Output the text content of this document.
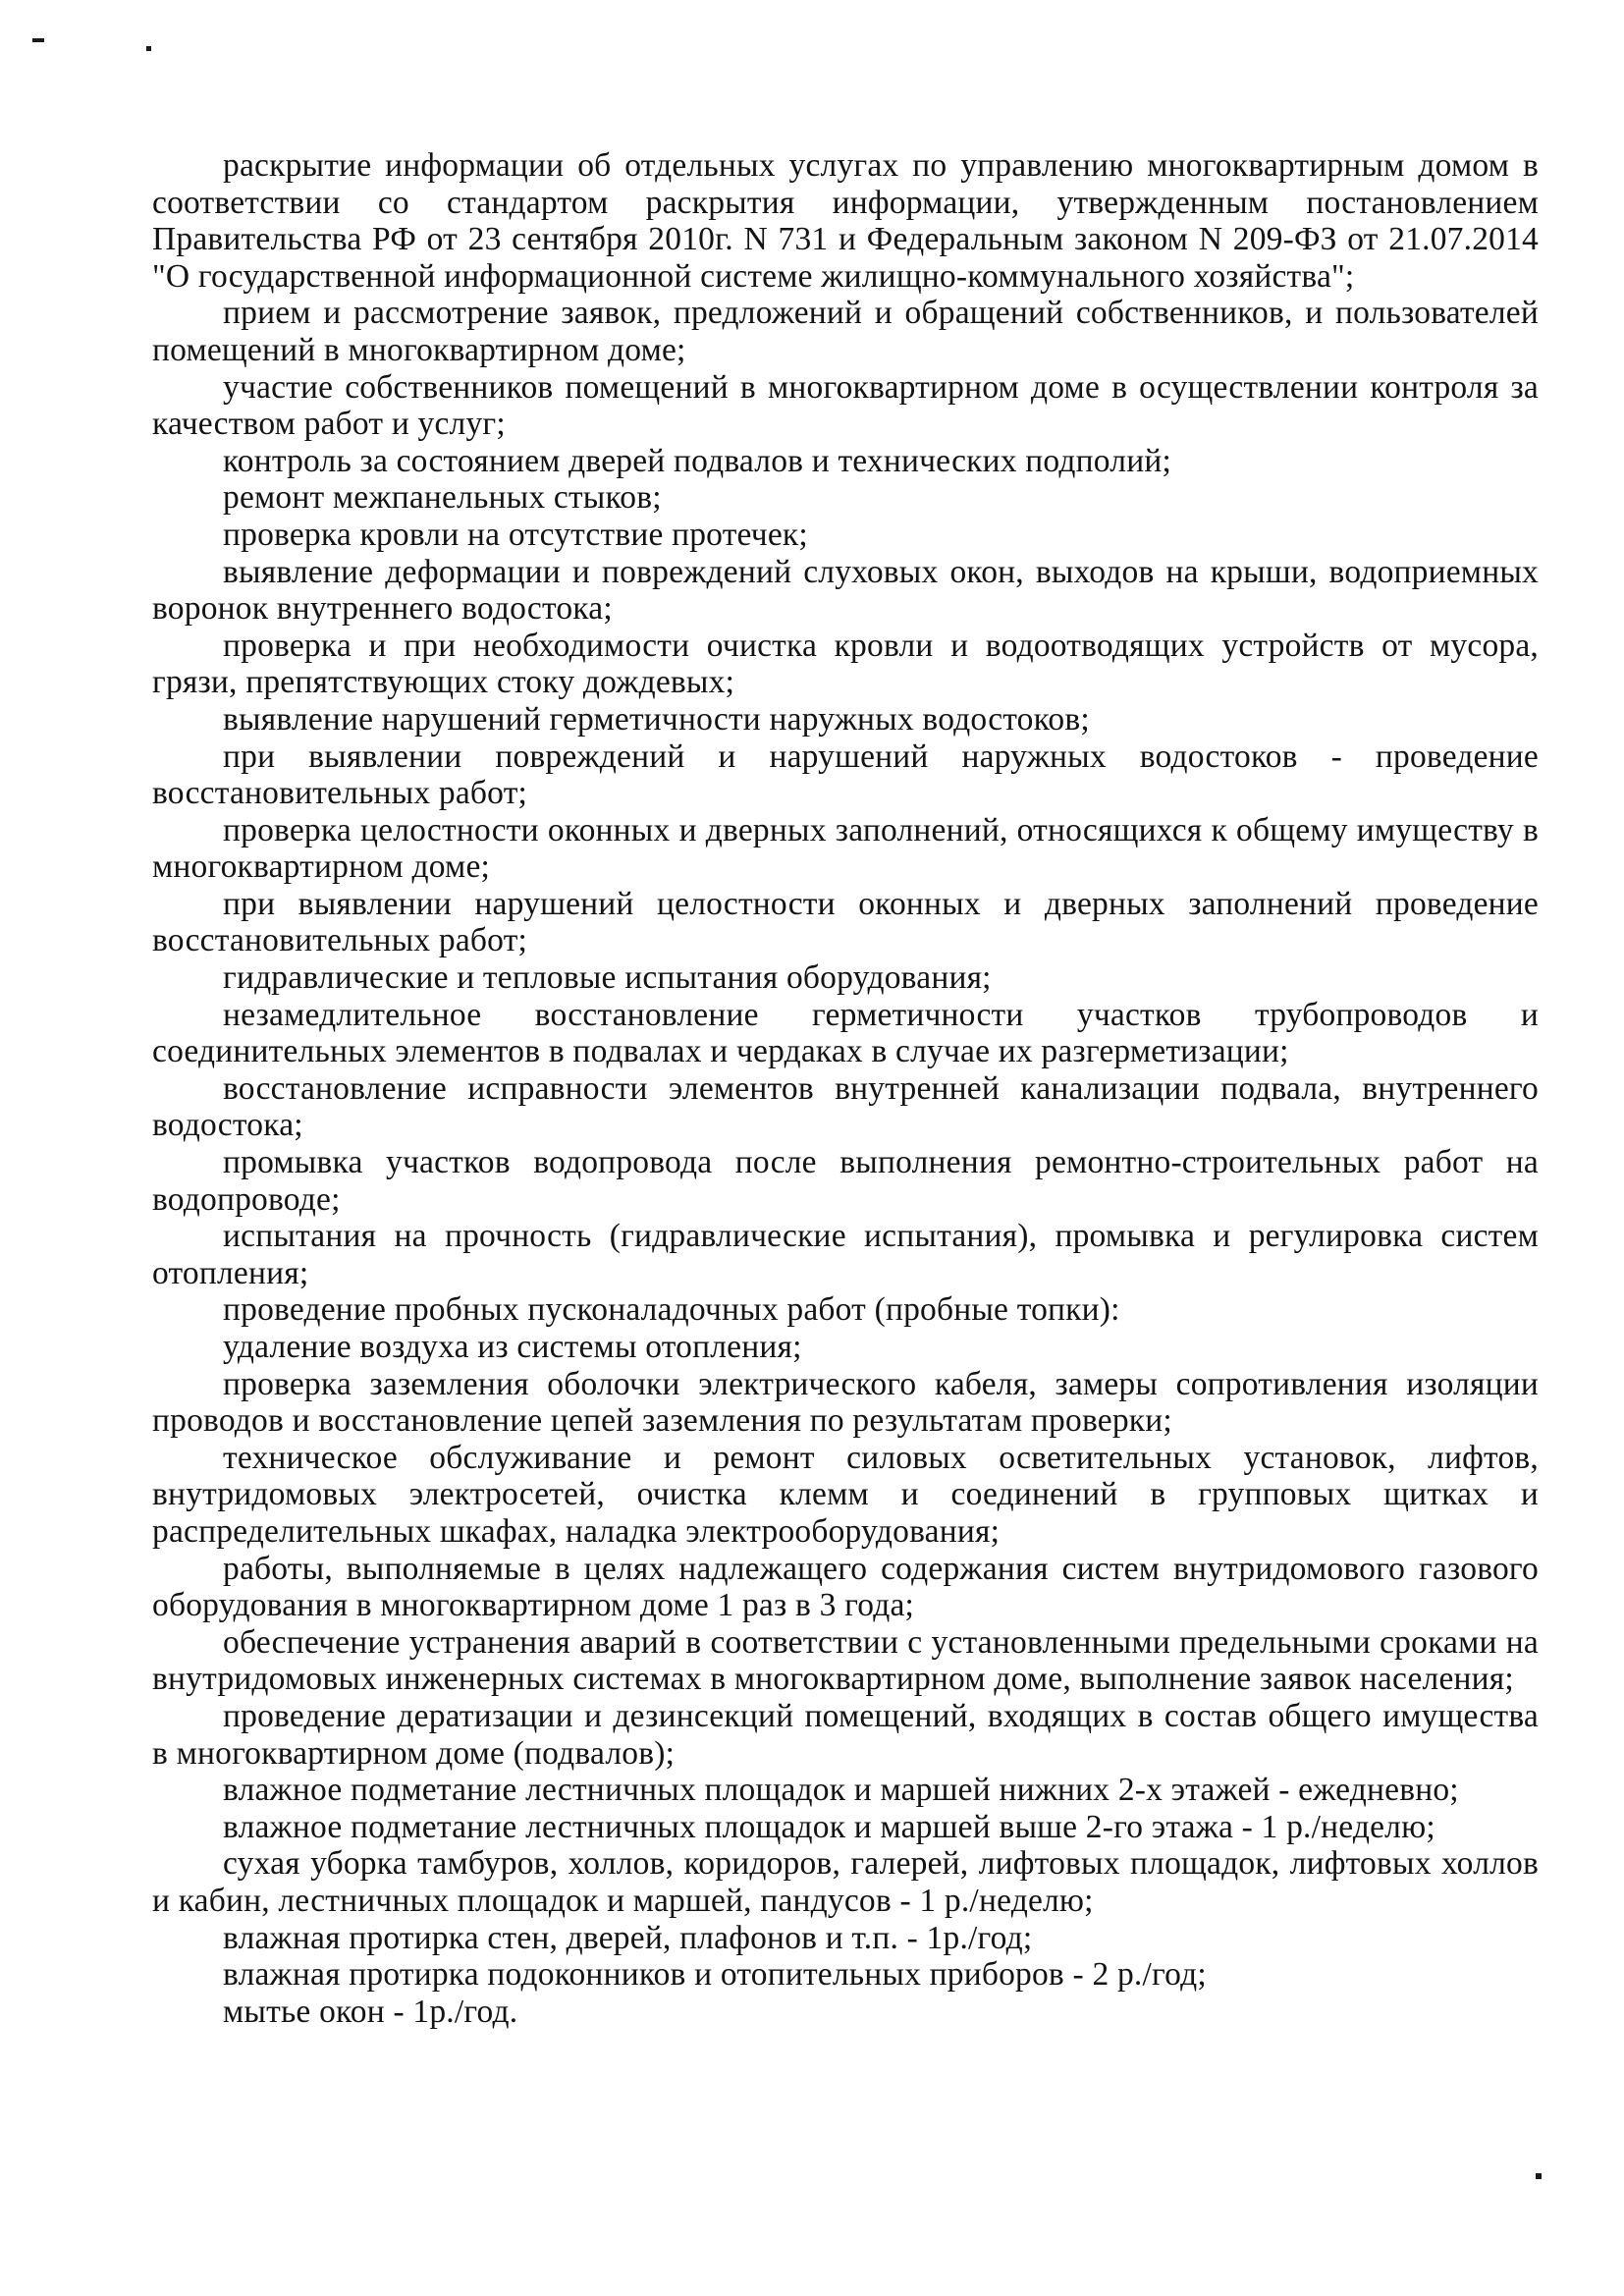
раскрытие информации об отдельных услугах по управлению многоквартирным домом в соответствии со стандартом раскрытия информации, утвержденным постановлением Правительства РФ от 23 сентября 2010г. N 731 и Федеральным законом N 209-ФЗ от 21.07.2014 "О государственной информационной системе жилищно-коммунального хозяйства";

прием и рассмотрение заявок, предложений и обращений собственников, и пользователей помещений в многоквартирном доме;

участие собственников помещений в многоквартирном доме в осуществлении контроля за качеством работ и услуг;

контроль за состоянием дверей подвалов и технических подполий;

ремонт межпанельных стыков;

проверка кровли на отсутствие протечек;

выявление деформации и повреждений слуховых окон, выходов на крыши, водоприемных воронок внутреннего водостока;

проверка и при необходимости очистка кровли и водоотводящих устройств от мусора, грязи, препятствующих стоку дождевых;

выявление нарушений герметичности наружных водостоков;

при выявлении повреждений и нарушений наружных водостоков - проведение восстановительных работ;

проверка целостности оконных и дверных заполнений, относящихся к общему имуществу в многоквартирном доме;

при выявлении нарушений целостности оконных и дверных заполнений проведение восстановительных работ;

гидравлические и тепловые испытания оборудования;

незамедлительное восстановление герметичности участков трубопроводов и соединительных элементов в подвалах и чердаках в случае их разгерметизации;

восстановление исправности элементов внутренней канализации подвала, внутреннего водостока;

промывка участков водопровода после выполнения ремонтно-строительных работ на водопроводе;

испытания на прочность (гидравлические испытания), промывка и регулировка систем отопления;

проведение пробных пусконаладочных работ (пробные топки):

удаление воздуха из системы отопления;

проверка заземления оболочки электрического кабеля, замеры сопротивления изоляции проводов и восстановление цепей заземления по результатам проверки;

техническое обслуживание и ремонт силовых осветительных установок, лифтов, внутридомовых электросетей, очистка клемм и соединений в групповых щитках и распределительных шкафах, наладка электрооборудования;

работы, выполняемые в целях надлежащего содержания систем внутридомового газового оборудования в многоквартирном доме 1 раз в 3 года;

обеспечение устранения аварий в соответствии с установленными предельными сроками на внутридомовых инженерных системах в многоквартирном доме, выполнение заявок населения;

проведение дератизации и дезинсекций помещений, входящих в состав общего имущества в многоквартирном доме (подвалов);

влажное подметание лестничных площадок и маршей нижних 2-х этажей - ежедневно;

влажное подметание лестничных площадок и маршей выше 2-го этажа - 1 р./неделю;

сухая уборка тамбуров, холлов, коридоров, галерей, лифтовых площадок, лифтовых холлов и кабин, лестничных площадок и маршей, пандусов - 1 р./неделю;

влажная протирка стен, дверей, плафонов и т.п. - 1р./год;

влажная протирка подоконников и отопительных приборов - 2 р./год;

мытье окон - 1р./год.
